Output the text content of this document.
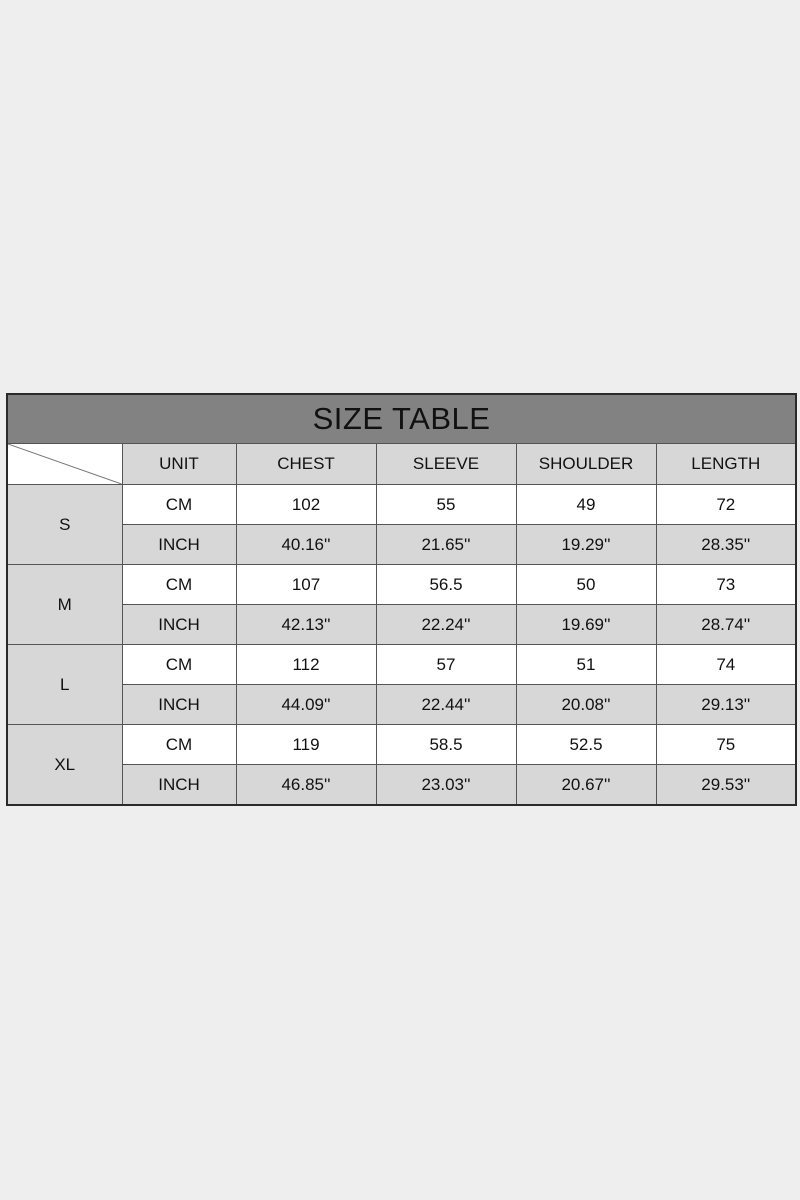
SIZE TABLE					

	UNIT	CHEST	SLEEVE	SHOULDER	LENGTH
S	CM	102	55	49	72
	INCH	40.16''	21.65''	19.29''	28.35''
M	CM	107	56.5	50	73
	INCH	42.13''	22.24''	19.69''	28.74''
L	CM	112	57	51	74
	INCH	44.09''	22.44''	20.08''	29.13''
XL	CM	119	58.5	52.5	75
	INCH	46.85''	23.03''	20.67''	29.53''
